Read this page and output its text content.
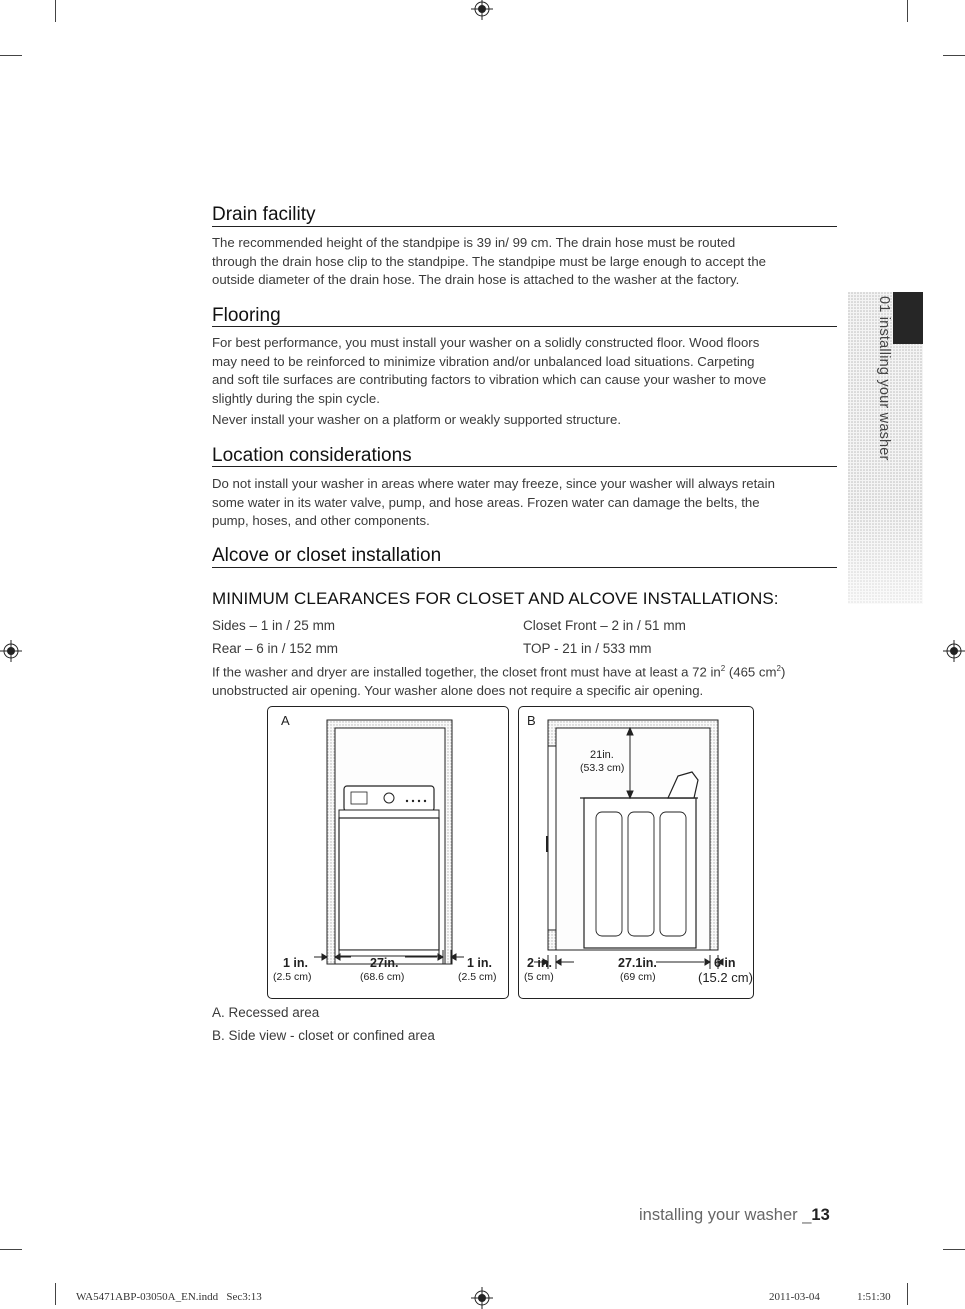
01 installing your washer
Drain facility

The recommended height of the standpipe is 39 in/ 99 cm. The drain hose must be routed

through the drain hose clip to the standpipe. The standpipe must be large enough to accept the

outside diameter of the drain hose. The drain hose is attached to the washer at the factory.

Flooring

For best performance, you must install your washer on a solidly constructed floor. Wood floors

may need to be reinforced to minimize vibration and/or unbalanced load situations. Carpeting

and soft tile surfaces are contributing factors to vibration which can cause your washer to move

slightly during the spin cycle.

Never install your washer on a platform or weakly supported structure.
Location considerations

Do not install your washer in areas where water may freeze, since your washer will always retain

some water in its water valve, pump, and hose areas. Frozen water can damage the belts, the

pump, hoses, and other components.

Alcove or closet installation
MINIMUM CLEARANCES FOR CLOSET AND ALCOVE INSTALLATIONS:
Sides – 1 in / 25 mm	Closet Front – 2 in / 51 mm
Rear – 6 in / 152 mm	TOP - 21 in / 533 mm

If the washer and dryer are installed together, the closet front must have at least a 72 $in^2$ (465 $cm^2$)

unobstructed air opening. Your washer alone does not require a specific air opening.

A
1 in.
(2.5 cm)
27in.
(68.6 cm)
1 in.
(2.5 cm)
B
21in.
(53.3 cm)
2 in.
(5 cm)
27.1in.
(69 cm)
6 in
(15.2 cm)
A. Recessed area
B. Side view - closet or confined area
installing your washer _13
WA5471ABP-03050A_EN.indd   Sec3:13	2011-03-04	1:51:30
